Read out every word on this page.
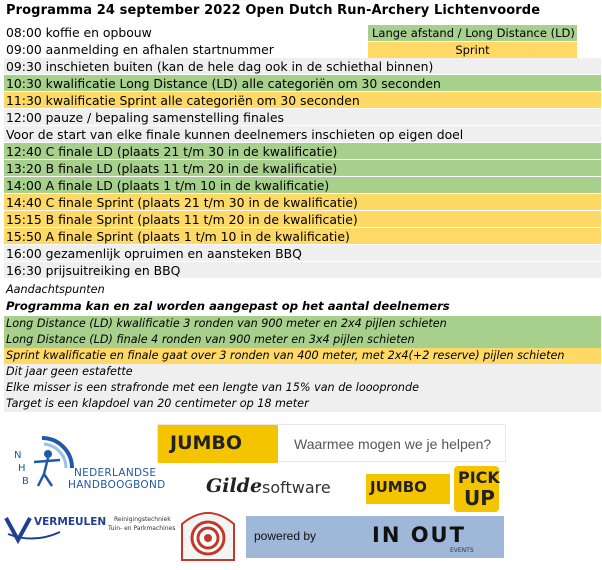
Programma 24 september 2022 Open Dutch Run-Archery Lichtenvoorde
Lange afstand / Long Distance (LD)
Sprint
08:00 koffie en opbouw
09:00 aanmelding en afhalen startnummer
09:30 inschieten buiten (kan de hele dag ook in de schiethal binnen)
10:30 kwalificatie Long Distance (LD) alle categoriën om 30 seconden
11:30 kwalificatie Sprint alle categoriën om 30 seconden
12:00 pauze / bepaling samenstelling finales
Voor de start van elke finale kunnen deelnemers inschieten op eigen doel
12:40 C finale LD (plaats 21 t/m 30 in de kwalificatie)
13:20 B finale LD (plaats 11 t/m 20 in de kwalificatie)
14:00 A finale LD (plaats 1 t/m 10 in de kwalificatie)
14:40 C finale Sprint (plaats 21 t/m 30 in de kwalificatie)
15:15 B finale Sprint (plaats 11 t/m 20 in de kwalificatie)
15:50 A finale Sprint (plaats 1 t/m 10 in de kwalificatie)
16:00 gezamenlijk opruimen en aansteken BBQ
16:30 prijsuitreiking en BBQ
Aandachtspunten
Programma kan en zal worden aangepast op het aantal deelnemers
Long Distance (LD) kwalificatie 3 ronden van 900 meter en 2x4 pijlen schieten
Long Distance (LD) finale 4 ronden van 900 meter en 3x4 pijlen schieten
Sprint kwalificatie en finale gaat over 3 ronden van 400 meter, met 2x4(+2 reserve) pijlen schieten
Dit jaar geen estafette
Elke misser is een strafronde met een lengte van 15% van de looopronde
Target is een klapdoel van 20 centimeter op 18 meter
N
H
B
NEDERLANDSE
HANDBOOGBOND
JUMBO	Waarmee mogen we je helpen?
Gilde software	JUMBO PICK
UP
VERMEULEN Reinigingstechniek
Tuin- en Parkmachines
powered by	IN OUT
EVENTS
